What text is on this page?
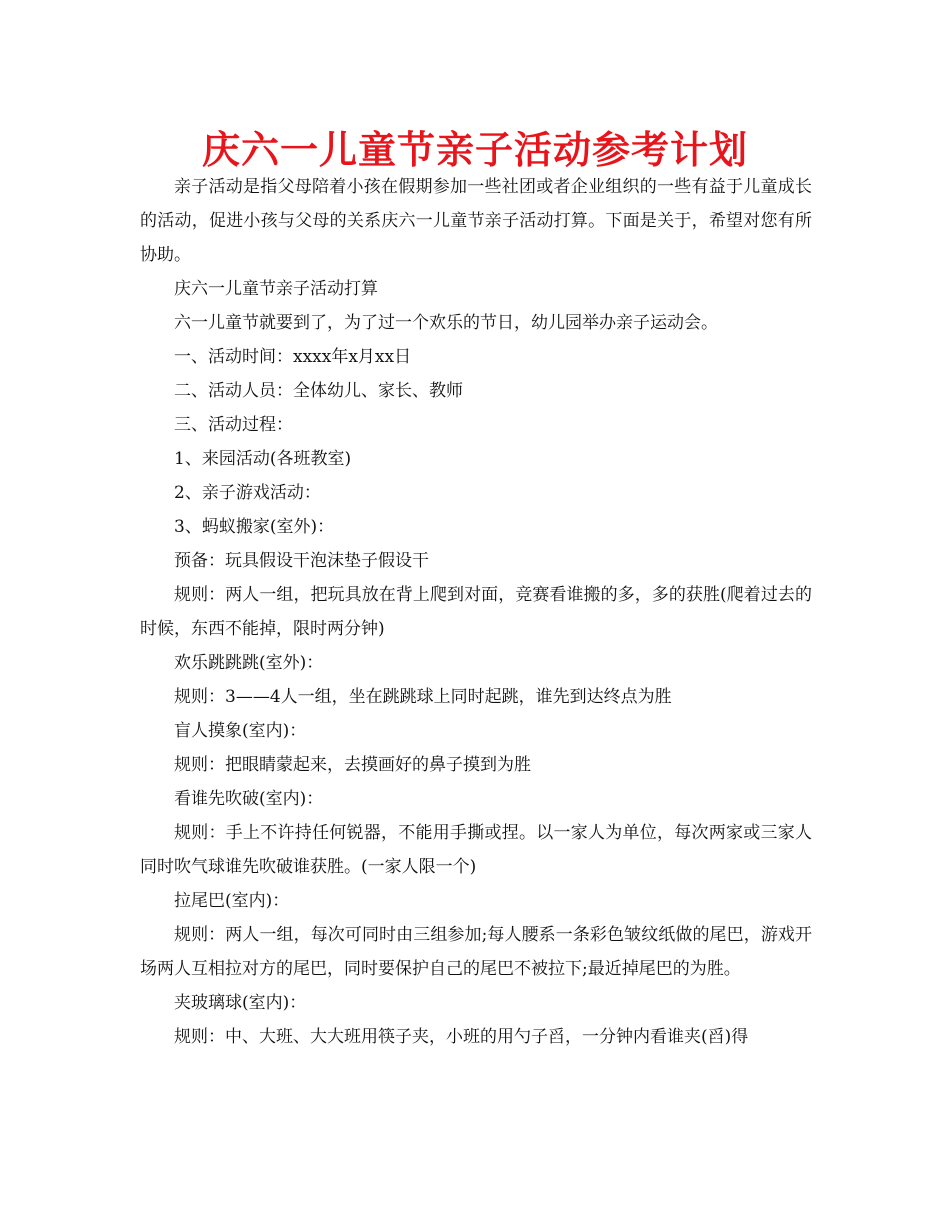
庆六一儿童节亲子活动参考计划

亲子活动是指父母陪着小孩在假期参加一些社团或者企业组织的一些有益于儿童成长的活动，促进小孩与父母的关系庆六一儿童节亲子活动打算。下面是关于，希望对您有所协助。

庆六一儿童节亲子活动打算

六一儿童节就要到了，为了过一个欢乐的节日，幼儿园举办亲子运动会。

一、活动时间：xxxx年x月xx日

二、活动人员：全体幼儿、家长、教师

三、活动过程：

1、来园活动(各班教室)

2、亲子游戏活动：

3、蚂蚁搬家(室外)：

预备：玩具假设干泡沫垫子假设干

规则：两人一组，把玩具放在背上爬到对面，竞赛看谁搬的多，多的获胜(爬着过去的时候，东西不能掉，限时两分钟)

欢乐跳跳跳(室外)：

规则：3——4人一组，坐在跳跳球上同时起跳，谁先到达终点为胜

盲人摸象(室内)：

规则：把眼睛蒙起来，去摸画好的鼻子摸到为胜

看谁先吹破(室内)：

规则：手上不许持任何锐器，不能用手撕或捏。以一家人为单位，每次两家或三家人同时吹气球谁先吹破谁获胜。(一家人限一个)

拉尾巴(室内)：

规则：两人一组，每次可同时由三组参加;每人腰系一条彩色皱纹纸做的尾巴，游戏开场两人互相拉对方的尾巴，同时要保护自己的尾巴不被拉下;最近掉尾巴的为胜。

夹玻璃球(室内)：

规则：中、大班、大大班用筷子夹，小班的用勺子舀，一分钟内看谁夹(舀)得
